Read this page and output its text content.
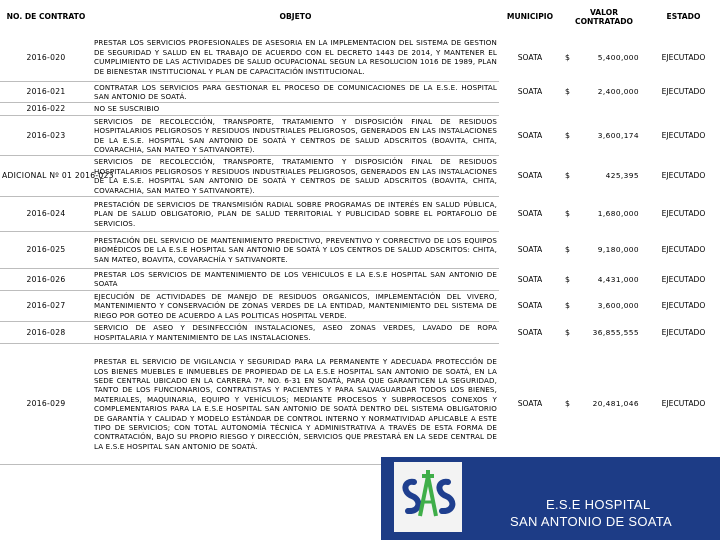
NO. DE CONTRATO	OBJETO	MUNICIPIO	VALOR CONTRATADO		ESTADO
2016-020	PRESTAR LOS SERVICIOS PROFESIONALES DE ASESORIA EN LA IMPLEMENTACION DEL SISTEMA DE GESTION DE SEGURIDAD Y SALUD EN EL TRABAJO DE ACUERDO CON EL DECRETO 1443 DE 2014, Y MANTENER EL CUMPLIMIENTO DE LAS ACTIVIDADES DE SALUD OCUPACIONAL SEGUN LA RESOLUCION 1016 DE 1989, PLAN DE BIENESTAR INSTITUCIONAL Y PLAN DE CAPACITACIÓN INSTITUCIONAL.	SOATA	$	5,400,000	EJECUTADO
2016-021	CONTRATAR LOS SERVICIOS PARA GESTIONAR EL PROCESO DE COMUNICACIONES DE LA E.S.E. HOSPITAL SAN ANTONIO DE SOATÁ.	SOATA	$	2,400,000	EJECUTADO
2016-022	NO SE SUSCRIBIO				
2016-023	SERVICIOS DE RECOLECCIÓN, TRANSPORTE, TRATAMIENTO Y DISPOSICIÓN FINAL DE RESIDUOS HOSPITALARIOS PELIGROSOS Y RESIDUOS INDUSTRIALES PELIGROSOS, GENERADOS EN LAS INSTALACIONES DE LA E.S.E. HOSPITAL SAN ANTONIO DE SOATÁ Y CENTROS DE SALUD ADSCRITOS (BOAVITA, CHITA, COVARACHIA, SAN MATEO Y SATIVANORTE).	SOATA	$	3,600,174	EJECUTADO
ADICIONAL Nº 01 2016-023	SERVICIOS DE RECOLECCIÓN, TRANSPORTE, TRATAMIENTO Y DISPOSICIÓN FINAL DE RESIDUOS HOSPITALARIOS PELIGROSOS Y RESIDUOS INDUSTRIALES PELIGROSOS, GENERADOS EN LAS INSTALACIONES DE LA E.S.E. HOSPITAL SAN ANTONIO DE SOATÁ Y CENTROS DE SALUD ADSCRITOS (BOAVITA, CHITA, COVARACHIA, SAN MATEO Y SATIVANORTE).	SOATA	$	425,395	EJECUTADO
2016-024	PRESTACIÓN DE SERVICIOS DE TRANSMISIÓN RADIAL SOBRE PROGRAMAS DE INTERÉS EN SALUD PÚBLICA, PLAN DE SALUD OBLIGATORIO, PLAN DE SALUD TERRITORIAL Y PUBLICIDAD SOBRE EL PORTAFOLIO DE SERVICIOS.	SOATA	$	1,680,000	EJECUTADO
2016-025	PRESTACIÓN DEL SERVICIO DE MANTENIMIENTO PREDICTIVO, PREVENTIVO Y CORRECTIVO DE LOS EQUIPOS BIOMÉDICOS DE LA E.S.E HOSPITAL SAN ANTONIO DE SOATÁ Y LOS CENTROS DE SALUD ADSCRITOS: CHITA, SAN MATEO, BOAVITA, COVARACHÍA Y SATIVANORTE.	SOATA	$	9,180,000	EJECUTADO
2016-026	PRESTAR LOS SERVICIOS DE MANTENIMIENTO DE LOS VEHICULOS E LA E.S.E HOSPITAL SAN ANTONIO DE SOATA	SOATA	$	4,431,000	EJECUTADO
2016-027	EJECUCIÓN DE ACTIVIDADES DE MANEJO DE RESIDUOS ORGANICOS, IMPLEMENTACIÓN DEL VIVERO, MANTENIMIENTO Y CONSERVACIÓN DE ZONAS VERDES DE LA ENTIDAD, MANTENIMIENTO DEL SISTEMA DE RIEGO POR GOTEO DE ACUERDO A LAS POLITICAS HOSPITAL VERDE.	SOATA	$	3,600,000	EJECUTADO
2016-028	SERVICIO DE ASEO Y DESINFECCIÓN INSTALACIONES, ASEO ZONAS VERDES, LAVADO DE ROPA HOSPITALARIA Y MANTENIMIENTO DE LAS INSTALACIONES.	SOATA	$	36,855,555	EJECUTADO
2016-029	PRESTAR EL SERVICIO DE VIGILANCIA Y SEGURIDAD PARA LA PERMANENTE Y ADECUADA PROTECCIÓN DE LOS BIENES MUEBLES E INMUEBLES DE PROPIEDAD DE LA E.S.E HOSPITAL SAN ANTONIO DE SOATÁ, EN LA SEDE CENTRAL UBICADO EN LA CARRERA 7ª. NO. 6-31 EN SOATÁ, PARA QUE GARANTICEN LA SEGURIDAD, TANTO DE LOS FUNCIONARIOS, CONTRATISTAS Y PACIENTES Y PARA SALVAGUARDAR TODOS LOS BIENES, MATERIALES, MAQUINARIA, EQUIPO Y VEHÍCULOS; MEDIANTE PROCESOS Y SUBPROCESOS CONEXOS Y COMPLEMENTARIOS PARA LA E.S.E HOSPITAL SAN ANTONIO DE SOATÁ DENTRO DEL SISTEMA OBLIGATORIO DE GARANTÍA Y CALIDAD Y MODELO ESTÁNDAR DE CONTROL INTERNO Y NORMATIVIDAD APLICABLE A ESTE TIPO DE SERVICIOS; CON TOTAL AUTONOMÍA TÉCNICA Y ADMINISTRATIVA A TRAVÉS DE ESTA FORMA DE CONTRATACIÓN, BAJO SU PROPIO RIESGO Y DIRECCIÓN, SERVICIOS QUE PRESTARÁ EN LA SEDE CENTRAL DE LA E.S.E HOSPITAL SAN ANTONIO DE SOATÁ.	SOATA	$	20,481,046	EJECUTADO
E.S.E HOSPITAL
SAN ANTONIO DE SOATA
